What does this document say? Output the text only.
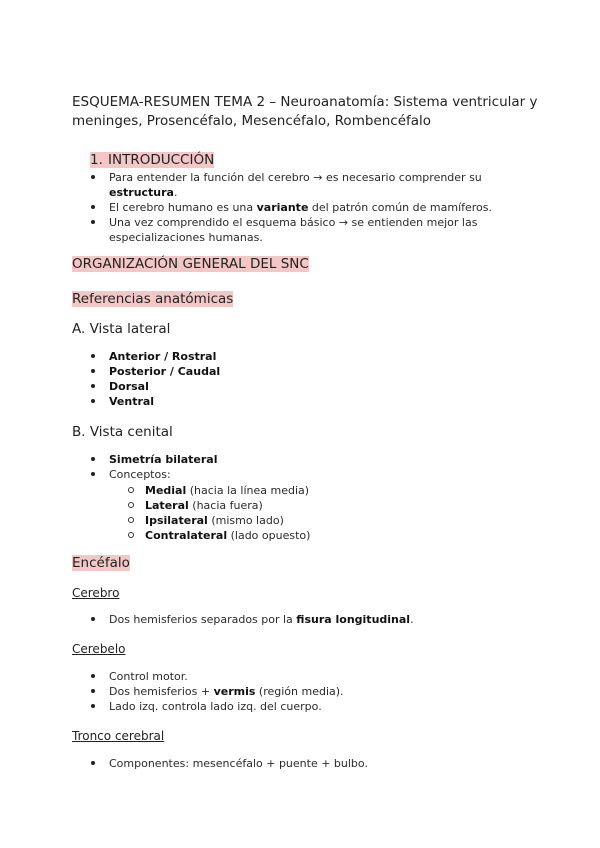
ESQUEMA-RESUMEN TEMA 2 – Neuroanatomía: Sistema ventricular y meninges, Prosencéfalo, Mesencéfalo, Rombencéfalo
1. INTRODUCCIÓN
Para entender la función del cerebro → es necesario comprender su estructura.
El cerebro humano es una variante del patrón común de mamíferos.
Una vez comprendido el esquema básico → se entienden mejor las especializaciones humanas.
ORGANIZACIÓN GENERAL DEL SNC
Referencias anatómicas
A. Vista lateral
Anterior / Rostral
Posterior / Caudal
Dorsal
Ventral
B. Vista cenital
Simetría bilateral
Conceptos:
Medial (hacia la línea media)
Lateral (hacia fuera)
Ipsilateral (mismo lado)
Contralateral (lado opuesto)
Encéfalo
Cerebro
Dos hemisferios separados por la fisura longitudinal.
Cerebelo
Control motor.
Dos hemisferios + vermis (región media).
Lado izq. controla lado izq. del cuerpo.
Tronco cerebral
Componentes: mesencéfalo + puente + bulbo.
